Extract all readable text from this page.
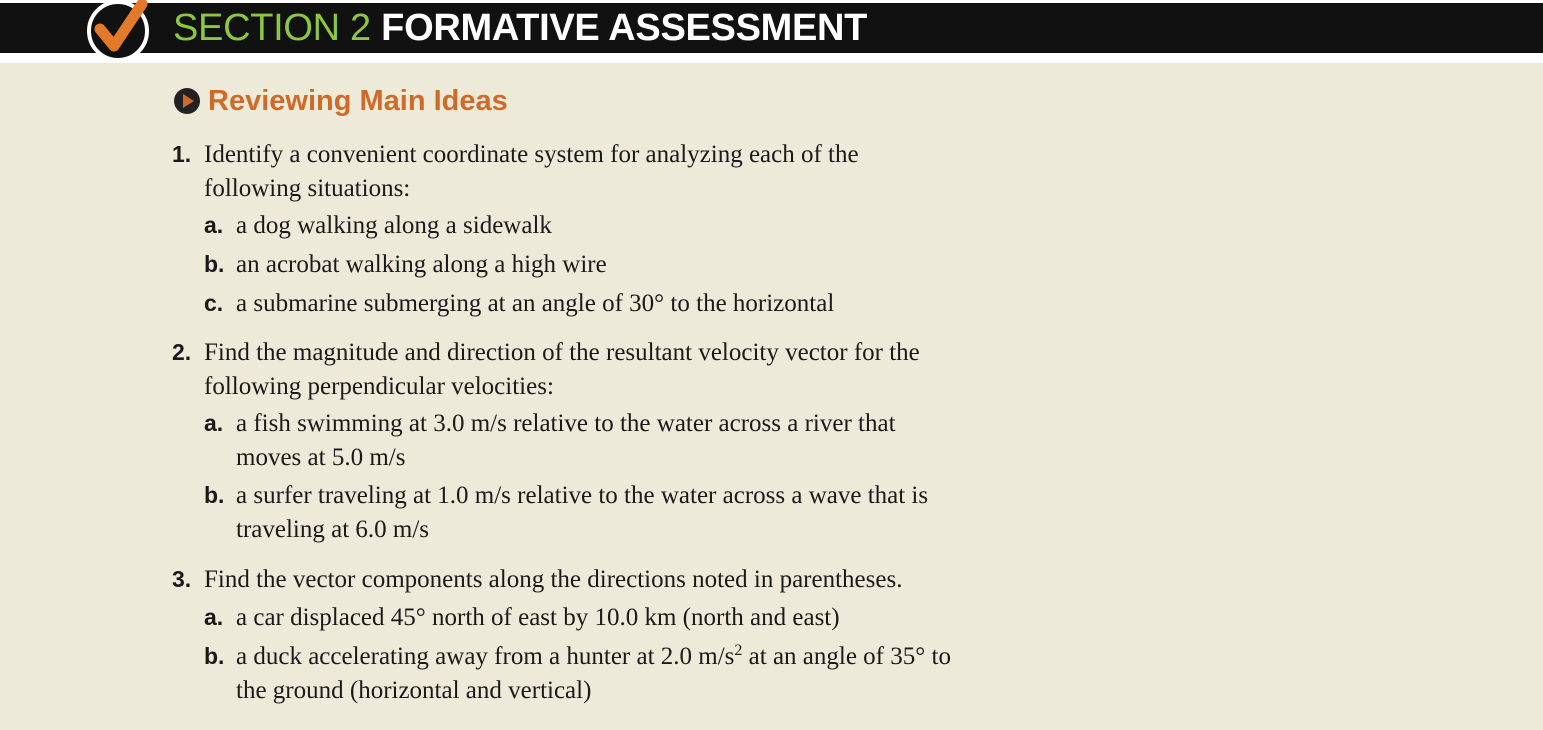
SECTION 2 FORMATIVE ASSESSMENT
Reviewing Main Ideas
1. Identify a convenient coordinate system for analyzing each of the
following situations:
a. a dog walking along a sidewalk
b. an acrobat walking along a high wire
c. a submarine submerging at an angle of 30° to the horizontal
2. Find the magnitude and direction of the resultant velocity vector for the
following perpendicular velocities:
a. a fish swimming at 3.0 m/s relative to the water across a river that
moves at 5.0 m/s
b. a surfer traveling at 1.0 m/s relative to the water across a wave that is
traveling at 6.0 m/s
3. Find the vector components along the directions noted in parentheses.
a. a car displaced 45° north of east by 10.0 km (north and east)
b. a duck accelerating away from a hunter at 2.0 $m/s^2$ at an angle of 35° to
the ground (horizontal and vertical)
